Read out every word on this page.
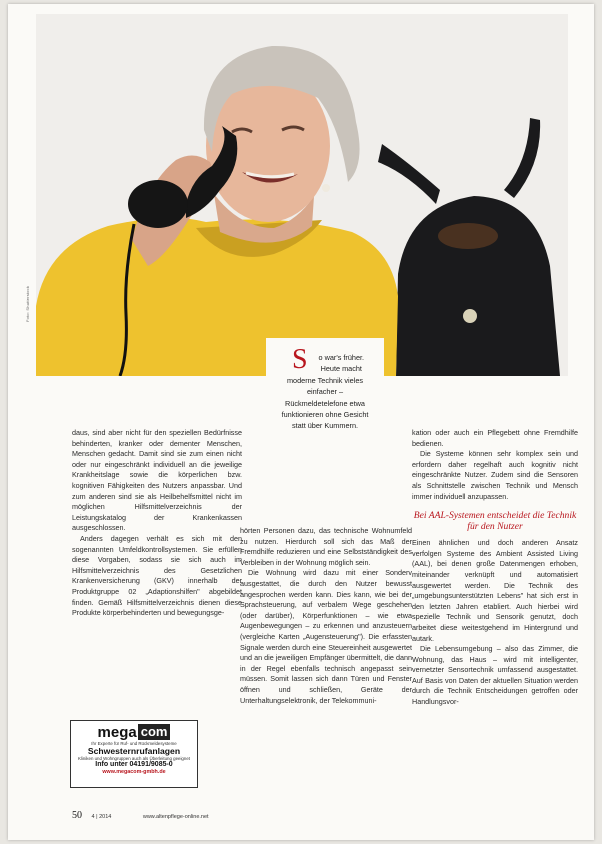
Foto: Shutterstock
S o war's früher. Heute macht moderne Technik vieles einfacher – Rückmeldetelefone etwa funktionieren ohne Gesicht statt über Kummern.

daus, sind aber nicht für den speziellen Bedürfnisse behinderten, kranker oder dementer Menschen, Menschen gedacht. Damit sind sie zum einen nicht oder nur eingeschränkt individuell an die jeweilige Krankheitslage sowie die körperlichen bzw. kognitiven Fähigkeiten des Nutzers anpassbar. Und zum anderen sind sie als Heilbehelfsmittel nicht im möglichen Hilfsmittelverzeichnis der Leistungskatalog der Krankenkassen ausgeschlossen.

Anders dagegen verhält es sich mit den sogenannten Umfeldkontrollsystemen. Sie erfüllen diese Vorgaben, sodass sie sich auch im Hilfsmittelverzeichnis des Gesetzlichen Krankenversicherung (GKV) innerhalb der Produktgruppe 02 „Adaptionshilfen" abgebildet finden. Gemäß Hilfsmittelverzeichnis dienen diese Produkte körperbehinderten und bewegungsge-

hörten Personen dazu, das technische Wohnumfeld zu nutzen. Hierdurch soll sich das Maß der Fremdhilfe reduzieren und eine Selbstständigkeit des Verbleiben in der Wohnung möglich sein.

Die Wohnung wird dazu mit einer Sonderv ausgestattet, die durch den Nutzer bewusst angesprochen werden kann. Dies kann, wie bei der Sprachsteuerung, auf verbalem Wege geschehen (oder darüber), Körperfunktionen – wie etwa Augenbewegungen – zu erkennen und anzusteuern (vergleiche Karten „Augensteuerung"). Die erfassten Signale werden durch eine Steuereinheit ausgewertet und an die jeweiligen Empfänger übermittelt, die dann in der Regel ebenfalls technisch angepasst sein müssen. Somit lassen sich dann Türen und Fenster öffnen und schließen, Geräte der Unterhaltungselektronik, der Telekommuni-

kation oder auch ein Pflegebett ohne Fremdhilfe bedienen.

Die Systeme können sehr komplex sein und erfordern daher regelhaft auch kognitiv nicht eingeschränkte Nutzer. Zudem sind die Sensoren als Schnittstelle zwischen Technik und Mensch immer individuell anzupassen.

Bei AAL-Systemen entscheidet die Technik für den Nutzer

Einen ähnlichen und doch anderen Ansatz verfolgen Systeme des Ambient Assisted Living (AAL), bei denen große Datenmengen erhoben, miteinander verknüpft und automatisiert ausgewertet werden. Die Technik des „umgebungsunterstützten Lebens" hat sich erst in den letzten Jahren etabliert. Auch hierbei wird spezielle Technik und Sensorik genutzt, doch arbeitet diese weitestgehend im Hintergrund und autark.

Die Lebensumgebung – also das Zimmer, die Wohnung, das Haus – wird mit intelligenter, vernetzter Sensortechnik umfassend ausgestattet. Auf Basis von Daten der aktuellen Situation werden durch die Technik Entscheidungen getroffen oder Handlungsvor-

mega com
Ihr Experte für Ruf- und Rückmeldesysteme
Schwesternrufanlagen
Kliniken und Wohngruppen auch als Überleitung geeignet
Info unter 04191/9085-0
www.megacom-gmbh.de
50 4 | 2014	www.altenpflege-online.net
